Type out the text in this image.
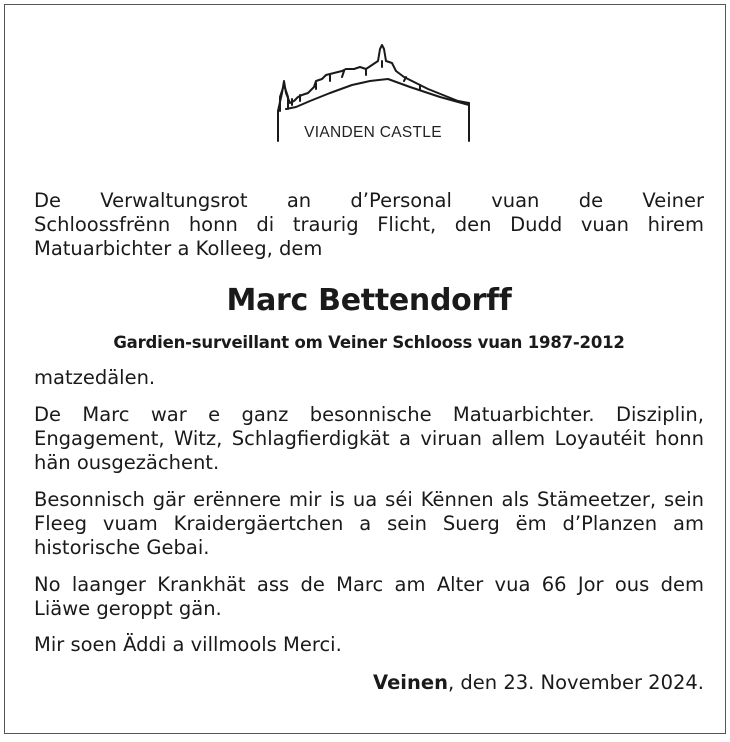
VIANDEN CASTLE

De Verwaltungsrot an d’Personal vuan de Veiner

Schloossfrënn honn di traurig Flicht, den Dudd vuan hirem Matuarbichter a Kolleeg, dem

Marc Bettendorff
Gardien-surveillant om Veiner Schlooss vuan 1987-2012

matzedälen.

De Marc war e ganz besonnische Matuarbichter. Disziplin, Engagement, Witz, Schlagfierdigkät a viruan allem Loyautéit honn hän ousgezächent.

Besonnisch gär erënnere mir is ua séi Kënnen als Stämeetzer, sein Fleeg vuam Kraidergäertchen a sein Suerg ëm d’Planzen am historische Gebai.

No laanger Krankhät ass de Marc am Alter vua 66 Jor ous dem Liäwe geroppt gän.

Mir soen Äddi a villmools Merci.

Veinen, den 23. November 2024.
